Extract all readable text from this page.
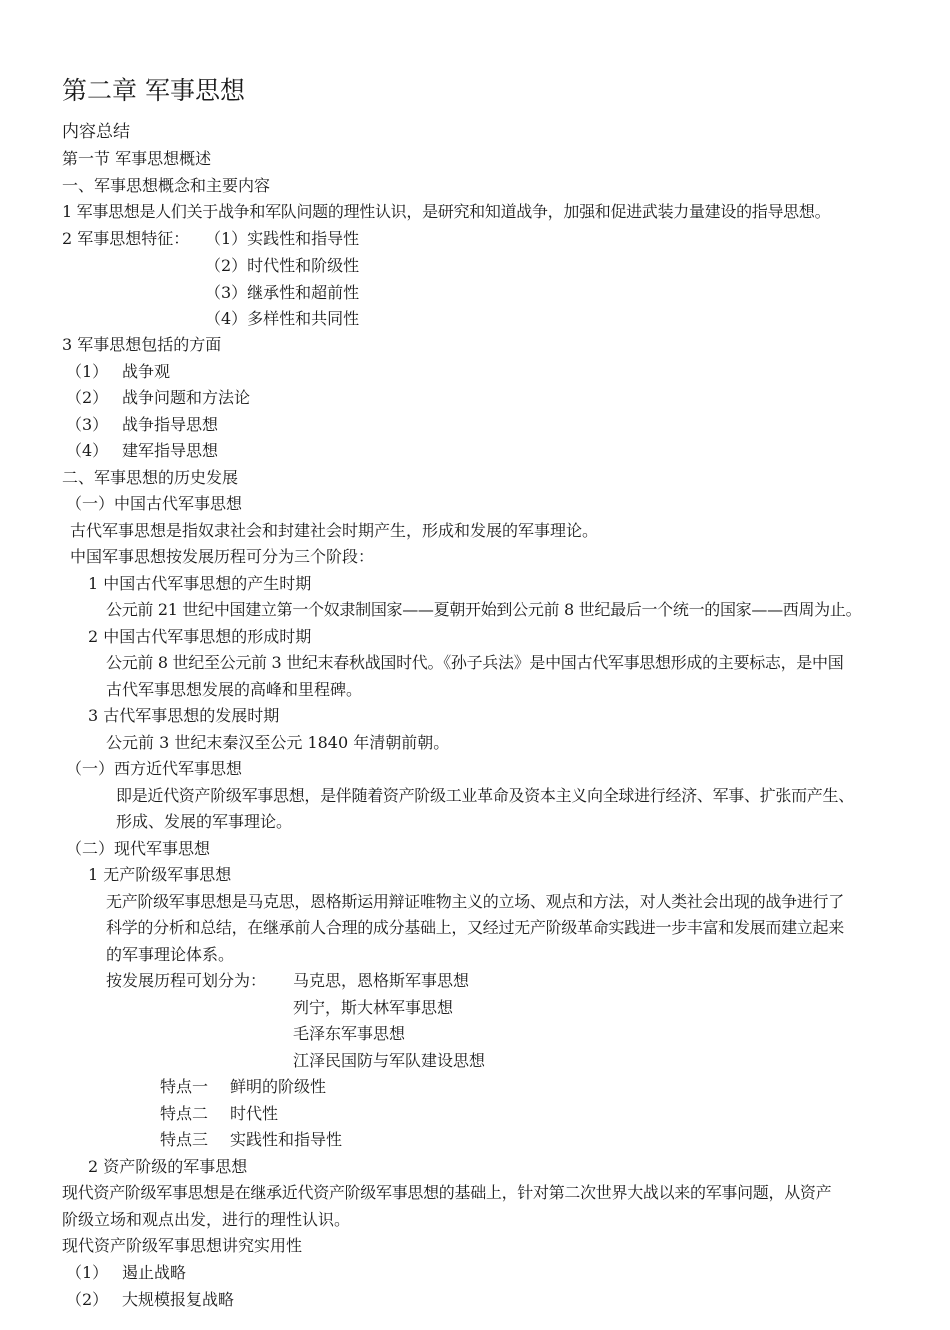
第二章 军事思想
内容总结
第一节 军事思想概述
一、军事思想概念和主要内容
1 军事思想是人们关于战争和军队问题的理性认识，是研究和知道战争，加强和促进武装力量建设的指导思想。
2 军事思想特征： （1）实践性和指导性
（2）时代性和阶级性
（3）继承性和超前性
（4）多样性和共同性
3 军事思想包括的方面
（1） 战争观
（2） 战争问题和方法论
（3） 战争指导思想
（4） 建军指导思想
二、军事思想的历史发展
（一）中国古代军事思想
古代军事思想是指奴隶社会和封建社会时期产生，形成和发展的军事理论。
中国军事思想按发展历程可分为三个阶段：
1 中国古代军事思想的产生时期
公元前 21 世纪中国建立第一个奴隶制国家——夏朝开始到公元前 8 世纪最后一个统一的国家——西周为止。
2 中国古代军事思想的形成时期
公元前 8 世纪至公元前 3 世纪末春秋战国时代。《孙子兵法》是中国古代军事思想形成的主要标志，是中国
古代军事思想发展的高峰和里程碑。
3 古代军事思想的发展时期
公元前 3 世纪末秦汉至公元 1840 年清朝前朝。
（一）西方近代军事思想
即是近代资产阶级军事思想，是伴随着资产阶级工业革命及资本主义向全球进行经济、军事、扩张而产生、
形成、发展的军事理论。
（二）现代军事思想
1 无产阶级军事思想
无产阶级军事思想是马克思，恩格斯运用辩证唯物主义的立场、观点和方法，对人类社会出现的战争进行了
科学的分析和总结，在继承前人合理的成分基础上，又经过无产阶级革命实践进一步丰富和发展而建立起来
的军事理论体系。
按发展历程可划分为： 马克思，恩格斯军事思想
列宁，斯大林军事思想
毛泽东军事思想
江泽民国防与军队建设思想
特点一 鲜明的阶级性
特点二 时代性
特点三 实践性和指导性
2 资产阶级的军事思想
现代资产阶级军事思想是在继承近代资产阶级军事思想的基础上，针对第二次世界大战以来的军事问题，从资产
阶级立场和观点出发，进行的理性认识。
现代资产阶级军事思想讲究实用性
（1） 遏止战略
（2） 大规模报复战略
